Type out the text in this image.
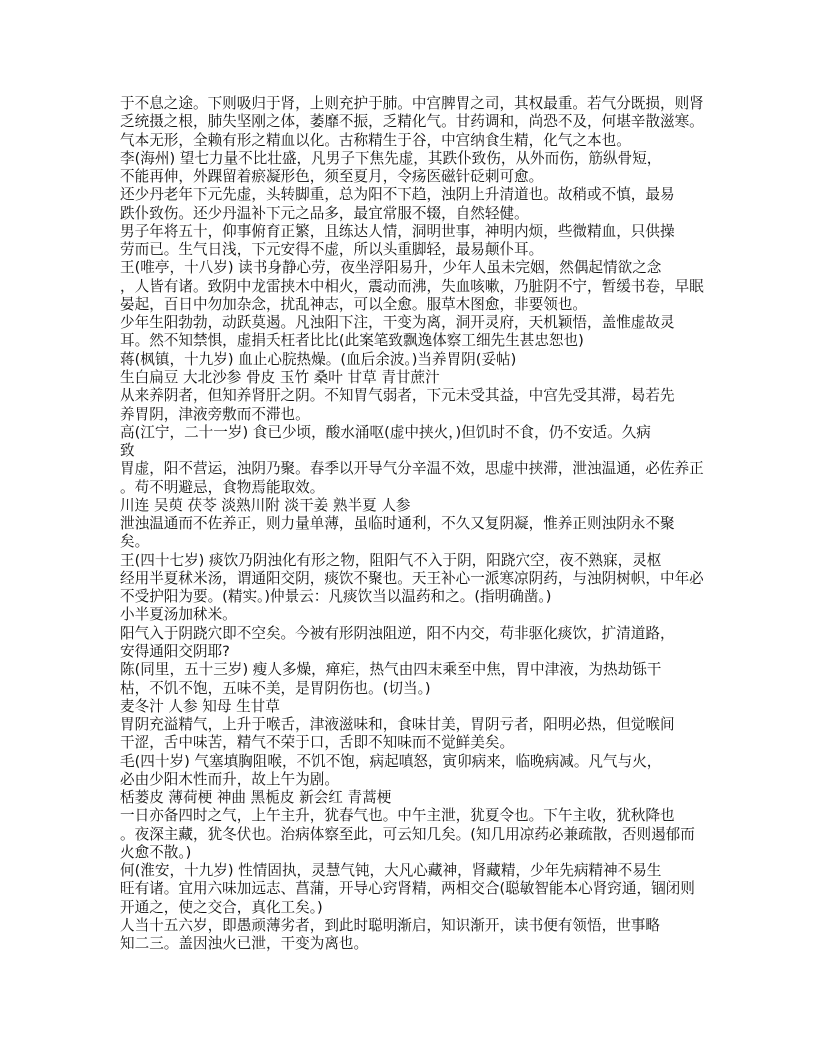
于不息之途。下则吸归于肾，上则充护于肺。中宫脾胃之司，其权最重。若气分既损，则肾
乏统摄之根，肺失坚刚之体，萎靡不振，乏精化气。甘药调和，尚恐不及，何堪辛散滋寒。
气本无形，全赖有形之精血以化。古称精生于谷，中宫纳食生精，化气之本也。
李(海州) 望七力量不比壮盛，凡男子下焦先虚，其跌仆致伤，从外而伤，筋纵骨短，
不能再伸，外踝留着瘀凝形色，须至夏月，令疡医磁针砭刺可愈。
还少丹老年下元先虚，头转脚重，总为阳不下趋，浊阴上升清道也。故稍或不慎，最易
跌仆致伤。还少丹温补下元之品多，最宜常服不辍，自然轻健。
男子年将五十，仰事俯育正繁，且练达人情，洞明世事，神明内烦，些微精血，只供操
劳而已。生气日浅，下元安得不虚，所以头重脚轻，最易颠仆耳。
王(唯亭，十八岁) 读书身静心劳，夜坐浮阳易升，少年人虽未完姻，然偶起情欲之念
，人皆有诸。致阴中龙雷挟木中相火，震动而沸，失血咳嗽，乃脏阴不宁，暂缓书卷，早眠
晏起，百日中勿加杂念，扰乱神志，可以全愈。服草木图愈，非要领也。
少年生阳勃勃，动跃莫遏。凡浊阳下注，干变为离，洞开灵府，天机颖悟，盖惟虚故灵
耳。然不知禁惧，虚捐夭枉者比比(此案笔致飘逸体察工细先生甚忠恕也)
蒋(枫镇，十九岁) 血止心脘热燥。(血后余波。)当养胃阴(妥帖)
生白扁豆 大北沙参 骨皮 玉竹 桑叶 甘草 青甘蔗汁
从来养阴者，但知养肾肝之阴。不知胃气弱者，下元未受其益，中宫先受其滞，曷若先
养胃阴，津液旁敷而不滞也。
高(江宁，二十一岁) 食已少顷，酸水涌呕(虚中挟火，)但饥时不食，仍不安适。久病
致
胃虚，阳不营运，浊阴乃聚。春季以开导气分辛温不效，思虚中挟滞，泄浊温通，必佐养正
。苟不明避忌，食物焉能取效。
川连 吴萸 茯苓 淡熟川附 淡干姜 熟半夏 人参
泄浊温通而不佐养正，则力量单薄，虽临时通利，不久又复阴凝，惟养正则浊阴永不聚
矣。
王(四十七岁) 痰饮乃阴浊化有形之物，阻阳气不入于阴，阳跷穴空，夜不熟寐，灵枢
经用半夏秫米汤，谓通阳交阴，痰饮不聚也。天王补心一派寒凉阴药，与浊阴树帜，中年必
不受护阳为要。(精实。)仲景云：凡痰饮当以温药和之。(指明确凿。)
小半夏汤加秫米。
阳气入于阴跷穴即不空矣。今被有形阴浊阻逆，阳不内交，苟非驱化痰饮，扩清道路，
安得通阳交阴耶?
陈(同里，五十三岁) 瘦人多燥，瘅疟，热气由四末乘至中焦，胃中津液，为热劫铄干
枯，不饥不饱，五味不美，是胃阴伤也。(切当。)
麦冬汁 人参 知母 生甘草
胃阴充溢精气，上升于喉舌，津液滋味和，食味甘美，胃阴亏者，阳明必热，但觉喉间
干涩，舌中味苦，精气不荣于口，舌即不知味而不觉鲜美矣。
毛(四十岁) 气塞填胸阻喉，不饥不饱，病起嗔怒，寅卯病来，临晚病减。凡气与火，
必由少阳木性而升，故上午为剧。
栝蒌皮 薄荷梗 神曲 黑栀皮 新会红 青蒿梗
一日亦备四时之气，上午主升，犹春气也。中午主泄，犹夏令也。下午主收，犹秋降也
。夜深主藏，犹冬伏也。治病体察至此，可云知几矣。(知几用凉药必兼疏散，否则遏郁而
火愈不散。)
何(淮安，十九岁) 性情固执，灵慧气钝，大凡心藏神，肾藏精，少年先病精神不易生
旺有诸。宜用六味加远志、菖蒲，开导心窍肾精，两相交合(聪敏智能本心肾窍通，锢闭则
开通之，使之交合，真化工矣。)
人当十五六岁，即愚顽薄劣者，到此时聪明渐启，知识渐开，读书便有领悟，世事略
知二三。盖因浊火已泄，干变为离也。
